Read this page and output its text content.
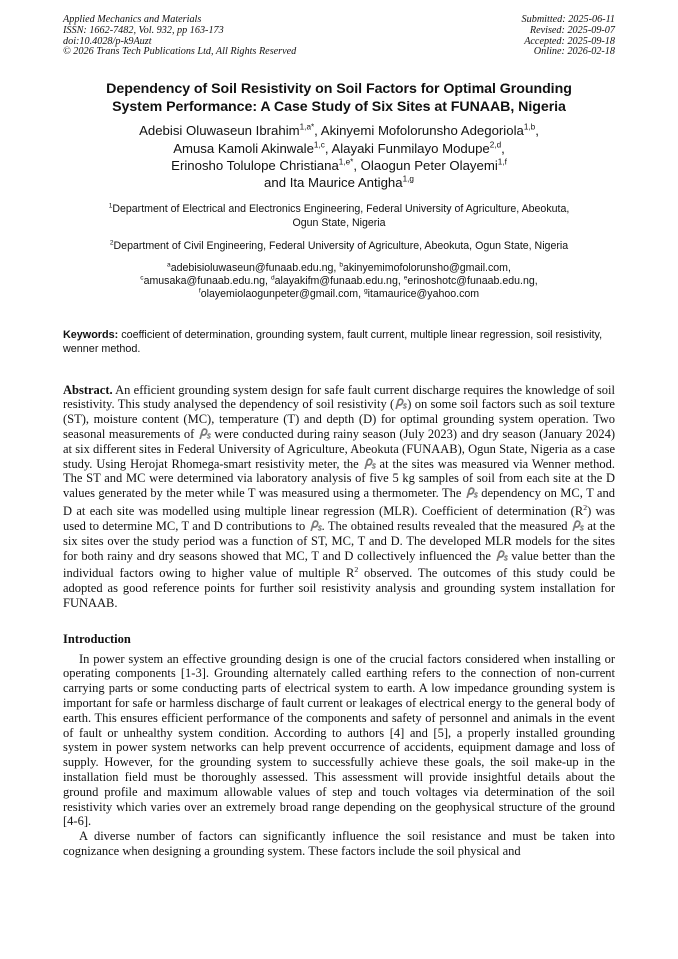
Applied Mechanics and Materials
ISSN: 1662-7482, Vol. 932, pp 163-173
doi:10.4028/p-k9Auzt
© 2026 Trans Tech Publications Ltd, All Rights Reserved
Submitted: 2025-06-11
Revised: 2025-09-07
Accepted: 2025-09-18
Online: 2026-02-18
Dependency of Soil Resistivity on Soil Factors for Optimal Grounding
System Performance: A Case Study of Six Sites at FUNAAB, Nigeria
Adebisi Oluwaseun Ibrahim$^{1,a*}$, Akinyemi Mofolorunsho Adegoriola$^{1,b}$,
Amusa Kamoli Akinwale$^{1,c}$, Alayaki Funmilayo Modupe$^{2,d}$,
Erinosho Tolulope Christiana$^{1,e*}$, Olaogun Peter Olayemi$^{1,f}$
and Ita Maurice Antigha$^{1,g}$
$^1$Department of Electrical and Electronics Engineering, Federal University of Agriculture, Abeokuta,
Ogun State, Nigeria
$^2$Department of Civil Engineering, Federal University of Agriculture, Abeokuta, Ogun State, Nigeria
$^a$adebisioluwaseun@funaab.edu.ng, $^b$akinyemimofolorunsho@gmail.com,
$^c$amusaka@funaab.edu.ng, $^d$alayakifm@funaab.edu.ng, $^e$erinoshotc@funaab.edu.ng,
$^f$olayemiolaogunpeter@gmail.com, $^g$itamaurice@yahoo.com
Keywords: coefficient of determination, grounding system, fault current, multiple linear regression, soil resistivity, wenner method.

Abstract. An efficient grounding system design for safe fault current discharge requires the knowledge of soil resistivity. This study analysed the dependency of soil resistivity ( ) on some soil factors such as soil texture (ST), moisture content (MC), temperature (T) and depth (D) for optimal grounding system operation. Two seasonal measurements of  were conducted during rainy season (July 2023) and dry season (January 2024) at six different sites in Federal University of Agriculture, Abeokuta (FUNAAB), Ogun State, Nigeria as a case study. Using Herojat Rhomega-smart resistivity meter, the  at the sites was measured via Wenner method. The ST and MC were determined via laboratory analysis of five 5 kg samples of soil from each site at the D values generated by the meter while T was measured using a thermometer. The  dependency on MC, T and D at each site was modelled using multiple linear regression (MLR). Coefficient of determination $(R^2)$ was used to determine MC, T and D contributions to . The obtained results revealed that the measured  at the six sites over the study period was a function of ST, MC, T and D. The developed MLR models for the sites for both rainy and dry seasons showed that MC, T and D collectively influenced the  value better than the individual factors owing to higher value of multiple $R^2$ observed. The outcomes of this study could be adopted as good reference points for further soil resistivity analysis and grounding system installation for FUNAAB.

Introduction

In power system an effective grounding design is one of the crucial factors considered when installing or operating components [1-3]. Grounding alternately called earthing refers to the connection of non-current carrying parts or some conducting parts of electrical system to earth. A low impedance grounding system is important for safe or harmless discharge of fault current or leakages of electrical energy to the general body of earth. This ensures efficient performance of the components and safety of personnel and animals in the event of fault or unhealthy system condition. According to authors [4] and [5], a properly installed grounding system in power system networks can help prevent occurrence of accidents, equipment damage and loss of supply. However, for the grounding system to successfully achieve these goals, the soil make-up in the installation field must be thoroughly assessed. This assessment will provide insightful details about the ground profile and maximum allowable values of step and touch voltages via determination of the soil resistivity which varies over an extremely broad range depending on the geophysical structure of the ground [4-6].

A diverse number of factors can significantly influence the soil resistance and must be taken into cognizance when designing a grounding system. These factors include the soil physical and
